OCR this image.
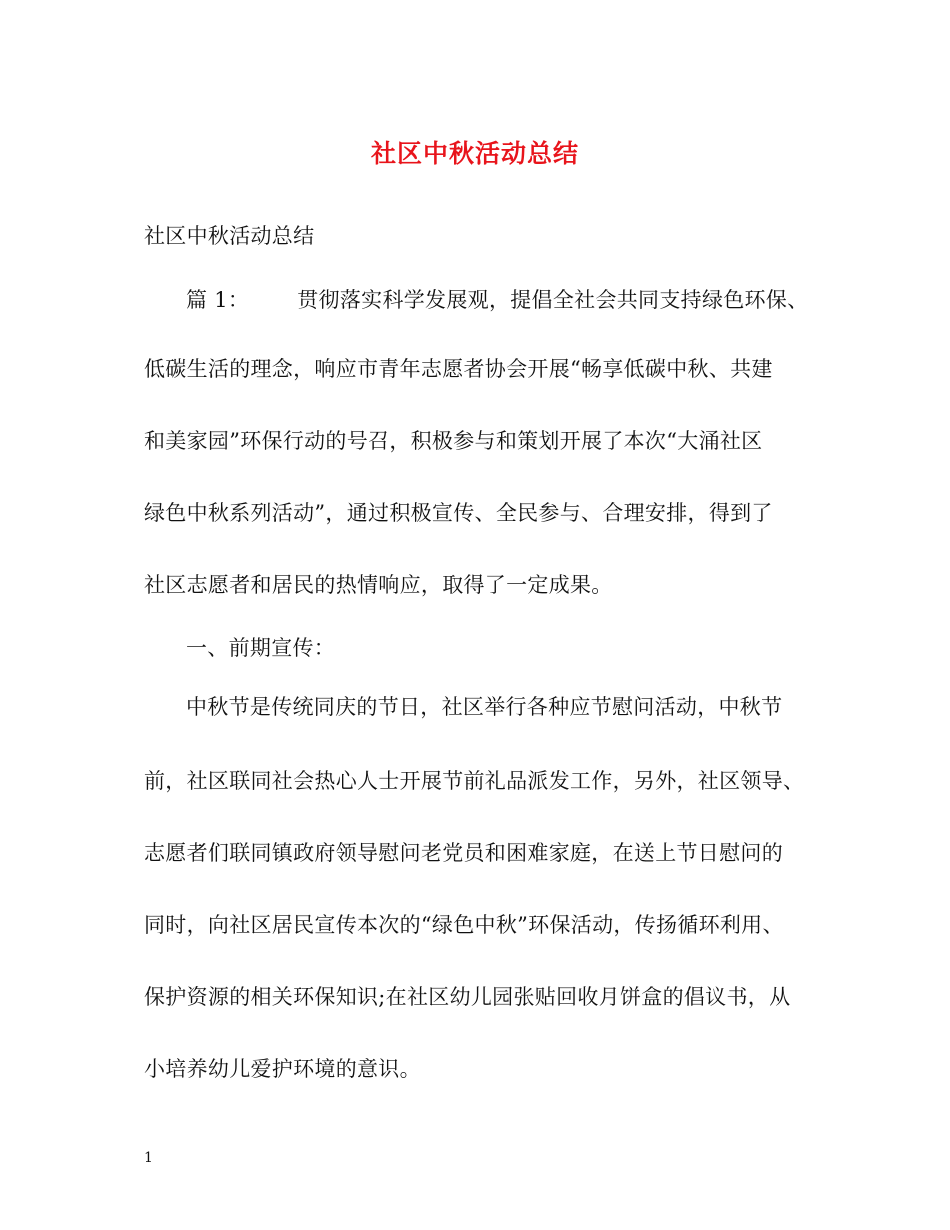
社区中秋活动总结
社区中秋活动总结
篇 1： 贯彻落实科学发展观，提倡全社会共同支持绿色环保、
低碳生活的理念，响应市青年志愿者协会开展“畅享低碳中秋、共建
和美家园”环保行动的号召，积极参与和策划开展了本次“大涌社区
绿色中秋系列活动”，通过积极宣传、全民参与、合理安排，得到了
社区志愿者和居民的热情响应，取得了一定成果。
一、前期宣传：
中秋节是传统同庆的节日，社区举行各种应节慰问活动，中秋节
前，社区联同社会热心人士开展节前礼品派发工作，另外，社区领导、
志愿者们联同镇政府领导慰问老党员和困难家庭，在送上节日慰问的
同时，向社区居民宣传本次的“绿色中秋”环保活动，传扬循环利用、
保护资源的相关环保知识;在社区幼儿园张贴回收月饼盒的倡议书，从
小培养幼儿爱护环境的意识。
1
